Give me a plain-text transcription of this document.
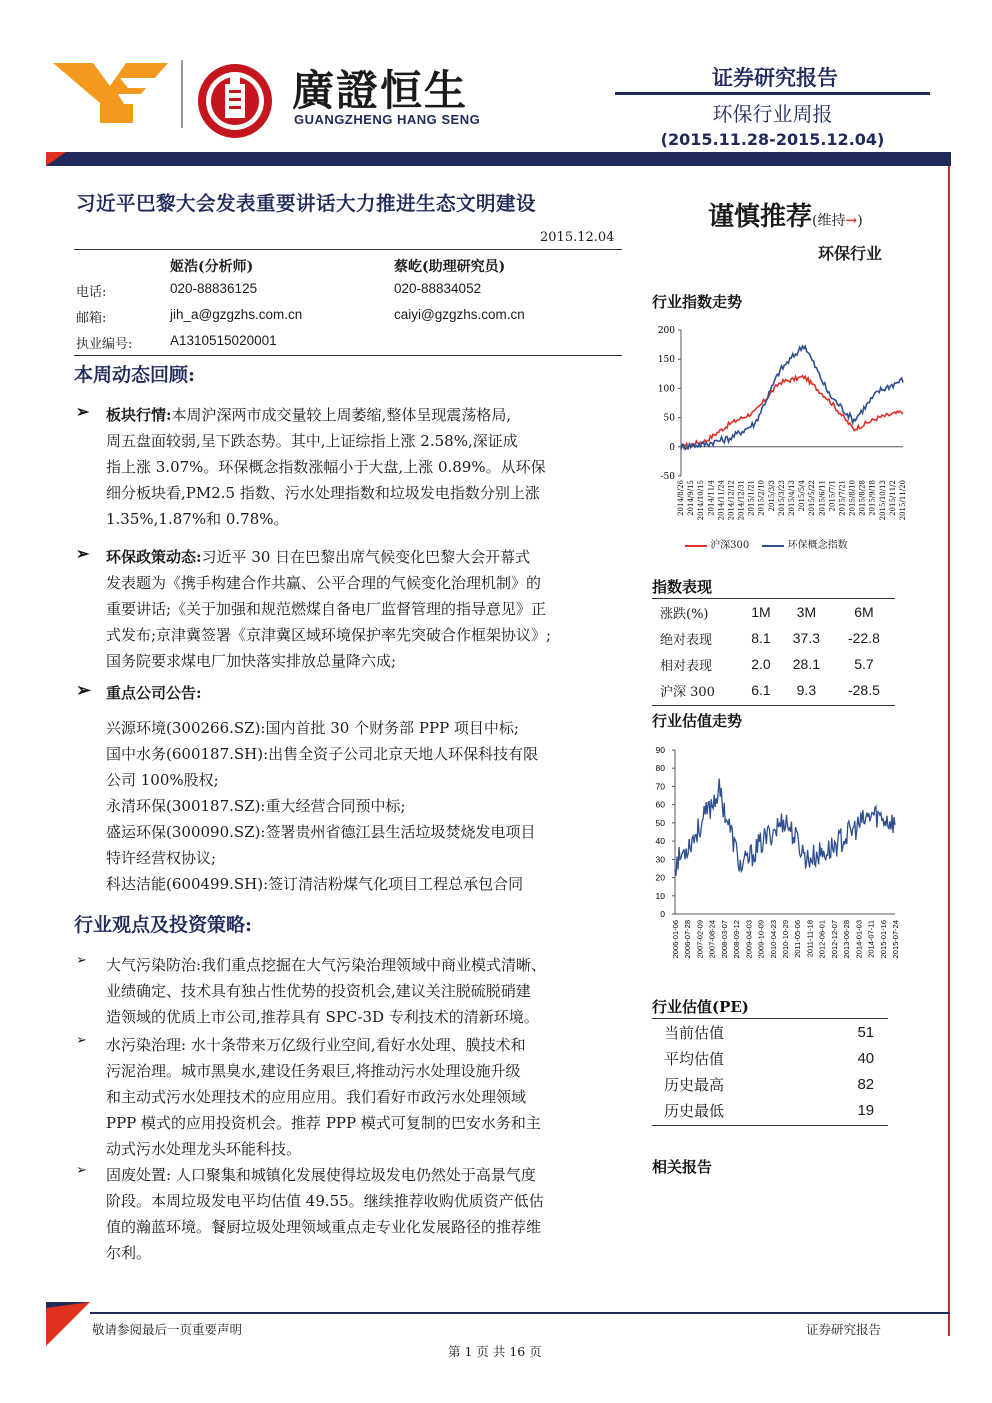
廣證恒生
GUANGZHENG HANG SENG
证券研究报告
环保行业周报
(2015.11.28-2015.12.04)
习近平巴黎大会发表重要讲话大力推进生态文明建设
2015.12.04
姬浩(分析师)	蔡屹(助理研究员)
电话:	020-88836125	020-88834052
邮箱:	jih_a@gzgzhs.com.cn	caiyi@gzgzhs.com.cn
执业编号:	A1310515020001
本周动态回顾:
➢ 板块行情:本周沪深两市成交量较上周萎缩,整体呈现震荡格局,
周五盘面较弱,呈下跌态势。其中,上证综指上涨 2.58%,深证成
指上涨 3.07%。环保概念指数涨幅小于大盘,上涨 0.89%。从环保
细分板块看,PM2.5 指数、污水处理指数和垃圾发电指数分别上涨
1.35%,1.87%和 0.78%。
➢ 环保政策动态:习近平 30 日在巴黎出席气候变化巴黎大会开幕式
发表题为《携手构建合作共赢、公平合理的气候变化治理机制》的
重要讲话;《关于加强和规范燃煤自备电厂监督管理的指导意见》正
式发布;京津冀签署《京津冀区域环境保护率先突破合作框架协议》;
国务院要求煤电厂加快落实排放总量降六成;
➢ 重点公司公告:
兴源环境(300266.SZ):国内首批 30 个财务部 PPP 项目中标;
国中水务(600187.SH):出售全资子公司北京天地人环保科技有限
公司 100%股权;
永清环保(300187.SZ):重大经营合同预中标;
盛运环保(300090.SZ):签署贵州省德江县生活垃圾焚烧发电项目
特许经营权协议;
科达洁能(600499.SH):签订清洁粉煤气化项目工程总承包合同
行业观点及投资策略:
➢ 大气污染防治:我们重点挖掘在大气污染治理领域中商业模式清晰、
业绩确定、技术具有独占性优势的投资机会,建议关注脱硫脱硝建
造领域的优质上市公司,推荐具有 SPC-3D 专利技术的清新环境。
➢ 水污染治理: 水十条带来万亿级行业空间,看好水处理、膜技术和
污泥治理。城市黑臭水,建设任务艰巨,将推动污水处理设施升级
和主动式污水处理技术的应用应用。我们看好市政污水处理领域
PPP 模式的应用投资机会。推荐 PPP 模式可复制的巴安水务和主
动式污水处理龙头环能科技。
➢ 固废处置: 人口聚集和城镇化发展使得垃圾发电仍然处于高景气度
阶段。本周垃圾发电平均估值 49.55。继续推荐收购优质资产低估
值的瀚蓝环境。餐厨垃圾处理领域重点走专业化发展路径的推荐维
尔利。
谨慎推荐(维持→)
环保行业
行业指数走势
200
150
100
50
0
-50
2014/8/26 2014/9/15 2014/10/15 2014/11/4 2014/11/24 2014/12/12 2014/12/31 2015/1/21 2015/2/10 2015/3/3 2015/3/23 2015/4/13 2015/5/4 2015/5/22 2015/6/11 2015/7/1 2015/7/21 2015/8/10 2015/8/28 2015/9/18 2015/10/13 2015/11/2 2015/11/20
沪深300	环保概念指数
指数表现
涨跌(%)	1M	3M	6M
绝对表现	8.1	37.3	-22.8
相对表现	2.0	28.1	5.7
沪深 300	6.1	9.3	-28.5
行业估值走势
90
80
70
60
50
40
30
20
10
0
2006-01-06 2006-07-28 2007-02-09 2007-08-24 2008-03-07 2008-09-12 2009-04-03 2009-10-09 2010-04-23 2010-10-29 2011-05-06 2011-11-18 2012-06-01 2012-12-07 2013-06-28 2014-01-03 2014-07-11 2015-01-16 2015-07-24
行业估值(PE)
当前估值	51
平均估值	40
历史最高	82
历史最低	19
相关报告
敬请参阅最后一页重要声明	证券研究报告
第 1 页 共 16 页
